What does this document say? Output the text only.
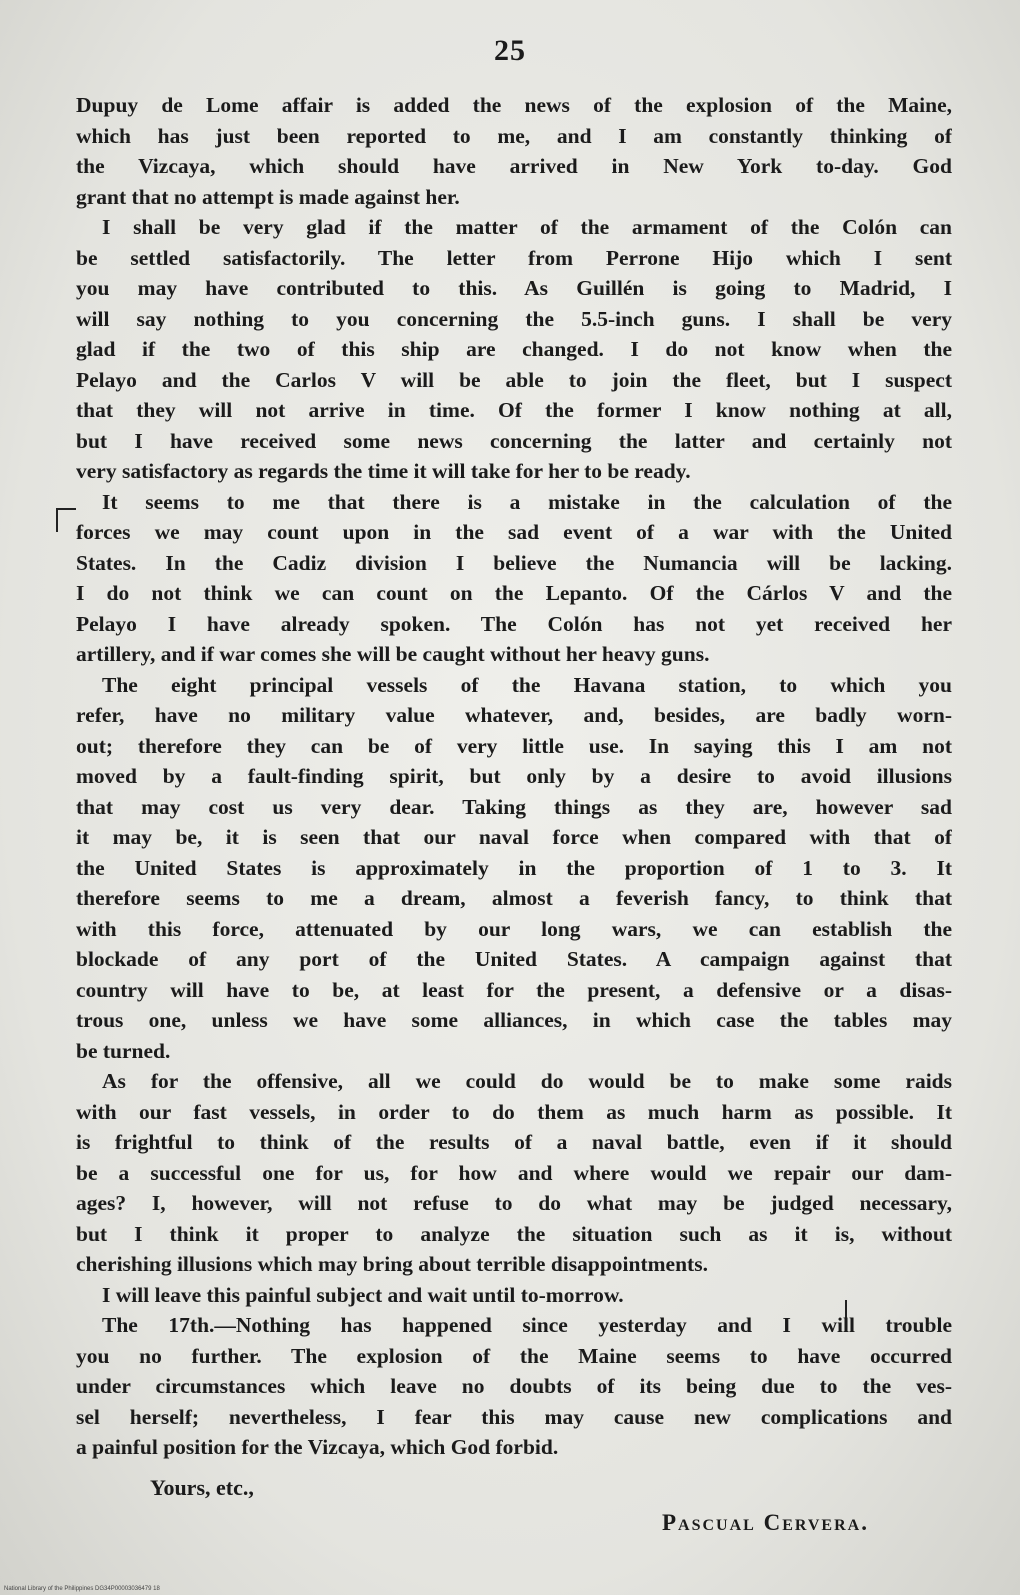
25
Dupuy de Lome affair is added the news of the explosion of the Maine,
which has just been reported to me, and I am constantly thinking of
the Vizcaya, which should have arrived in New York to-day. God
grant that no attempt is made against her.
I shall be very glad if the matter of the armament of the Colón can
be settled satisfactorily. The letter from Perrone Hijo which I sent
you may have contributed to this. As Guillén is going to Madrid, I
will say nothing to you concerning the 5.5-inch guns. I shall be very
glad if the two of this ship are changed. I do not know when the
Pelayo and the Carlos V will be able to join the fleet, but I suspect
that they will not arrive in time. Of the former I know nothing at all,
but I have received some news concerning the latter and certainly not
very satisfactory as regards the time it will take for her to be ready.
It seems to me that there is a mistake in the calculation of the
forces we may count upon in the sad event of a war with the United
States. In the Cadiz division I believe the Numancia will be lacking.
I do not think we can count on the Lepanto. Of the Cárlos V and the
Pelayo I have already spoken. The Colón has not yet received her
artillery, and if war comes she will be caught without her heavy guns.
The eight principal vessels of the Havana station, to which you
refer, have no military value whatever, and, besides, are badly worn-
out; therefore they can be of very little use. In saying this I am not
moved by a fault-finding spirit, but only by a desire to avoid illusions
that may cost us very dear. Taking things as they are, however sad
it may be, it is seen that our naval force when compared with that of
the United States is approximately in the proportion of 1 to 3. It
therefore seems to me a dream, almost a feverish fancy, to think that
with this force, attenuated by our long wars, we can establish the
blockade of any port of the United States. A campaign against that
country will have to be, at least for the present, a defensive or a disas-
trous one, unless we have some alliances, in which case the tables may
be turned.
As for the offensive, all we could do would be to make some raids
with our fast vessels, in order to do them as much harm as possible. It
is frightful to think of the results of a naval battle, even if it should
be a successful one for us, for how and where would we repair our dam-
ages? I, however, will not refuse to do what may be judged necessary,
but I think it proper to analyze the situation such as it is, without
cherishing illusions which may bring about terrible disappointments.
I will leave this painful subject and wait until to-morrow.
The 17th.—Nothing has happened since yesterday and I will trouble
you no further. The explosion of the Maine seems to have occurred
under circumstances which leave no doubts of its being due to the ves-
sel herself; nevertheless, I fear this may cause new complications and
a painful position for the Vizcaya, which God forbid.
Yours, etc.,
Pascual Cervera.
National Library of the Philippines DG34P00003036479 18
